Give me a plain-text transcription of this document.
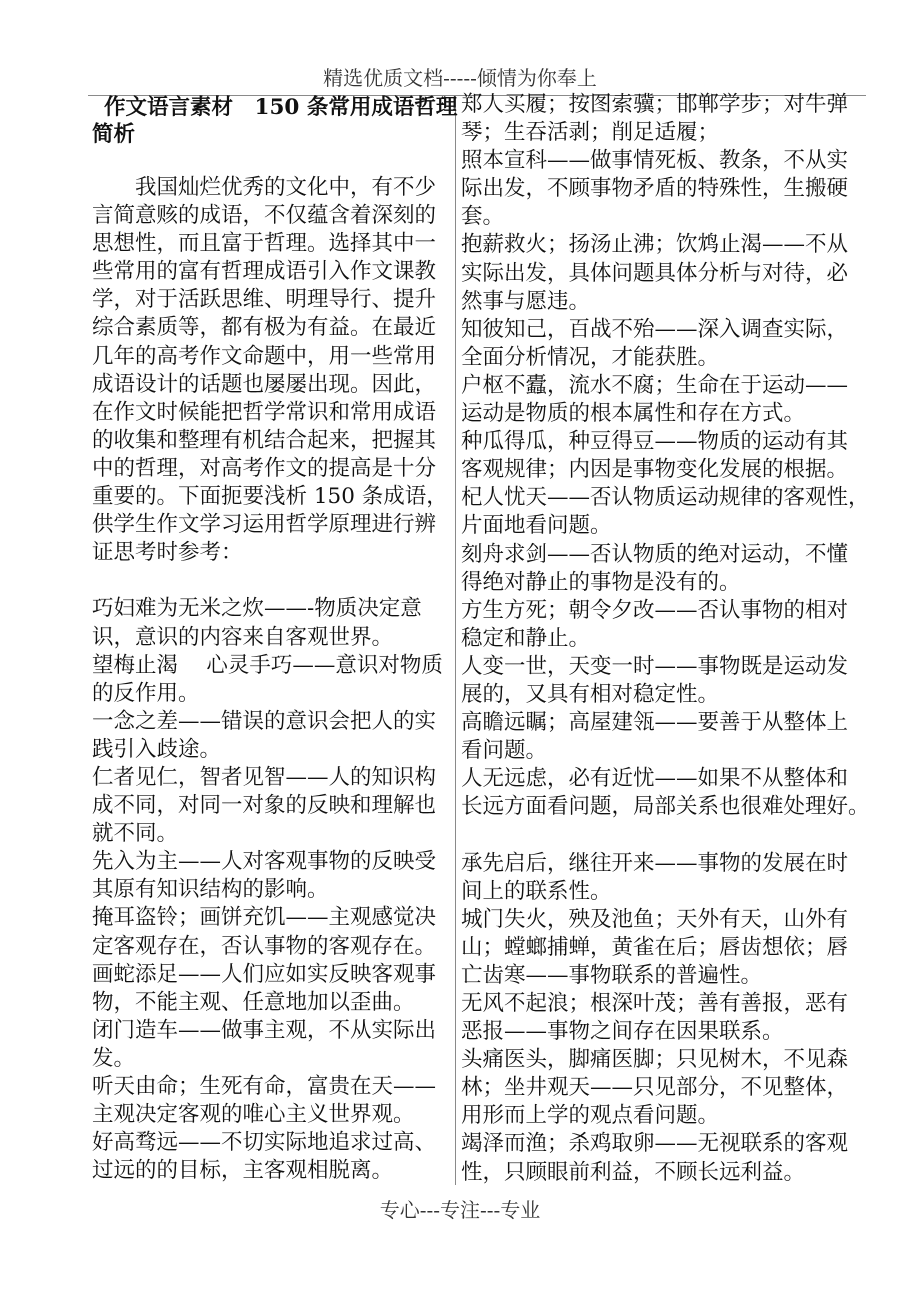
精选优质文档-----倾情为你奉上
作文语言素材　150 条常用成语哲理
简析
我国灿烂优秀的文化中，有不少
言简意赅的成语，不仅蕴含着深刻的
思想性，而且富于哲理。选择其中一
些常用的富有哲理成语引入作文课教
学，对于活跃思维、明理导行、提升
综合素质等，都有极为有益。在最近
几年的高考作文命题中，用一些常用
成语设计的话题也屡屡出现。因此，
在作文时候能把哲学常识和常用成语
的收集和整理有机结合起来，把握其
中的哲理，对高考作文的提高是十分
重要的。下面扼要浅析 150 条成语，
供学生作文学习运用哲学原理进行辨
证思考时参考：
巧妇难为无米之炊——-物质决定意
识，意识的内容来自客观世界。
望梅止渴　 心灵手巧——意识对物质
的反作用。
一念之差——错误的意识会把人的实
践引入歧途。
仁者见仁，智者见智——人的知识构
成不同，对同一对象的反映和理解也
就不同。
先入为主——人对客观事物的反映受
其原有知识结构的影响。
掩耳盗铃；画饼充饥——主观感觉决
定客观存在，否认事物的客观存在。
画蛇添足——人们应如实反映客观事
物，不能主观、任意地加以歪曲。
闭门造车——做事主观，不从实际出
发。
听天由命；生死有命，富贵在天——
主观决定客观的唯心主义世界观。
好高骛远——不切实际地追求过高、
过远的的目标，主客观相脱离。
郑人买履；按图索骥；邯郸学步；对牛弹
琴；生吞活剥；削足适履；
照本宣科——做事情死板、教条，不从实
际出发，不顾事物矛盾的特殊性，生搬硬
套。
抱薪救火；扬汤止沸；饮鸩止渴——不从
实际出发，具体问题具体分析与对待，必
然事与愿违。
知彼知己，百战不殆——深入调查实际，
全面分析情况，才能获胜。
户枢不蠹，流水不腐；生命在于运动——
运动是物质的根本属性和存在方式。
种瓜得瓜，种豆得豆——物质的运动有其
客观规律；内因是事物变化发展的根据。
杞人忧天——否认物质运动规律的客观性，
片面地看问题。
刻舟求剑——否认物质的绝对运动，不懂
得绝对静止的事物是没有的。
方生方死；朝令夕改——否认事物的相对
稳定和静止。
人变一世，天变一时——事物既是运动发
展的，又具有相对稳定性。
高瞻远瞩；高屋建瓴——要善于从整体上
看问题。
人无远虑，必有近忧——如果不从整体和
长远方面看问题，局部关系也很难处理好。
承先启后，继往开来——事物的发展在时
间上的联系性。
城门失火，殃及池鱼；天外有天，山外有
山；螳螂捕蝉，黄雀在后；唇齿想依；唇
亡齿寒——事物联系的普遍性。
无风不起浪；根深叶茂；善有善报，恶有
恶报——事物之间存在因果联系。
头痛医头，脚痛医脚；只见树木，不见森
林；坐井观天——只见部分，不见整体，
用形而上学的观点看问题。
竭泽而渔；杀鸡取卵——无视联系的客观
性，只顾眼前利益，不顾长远利益。
专心---专注---专业
